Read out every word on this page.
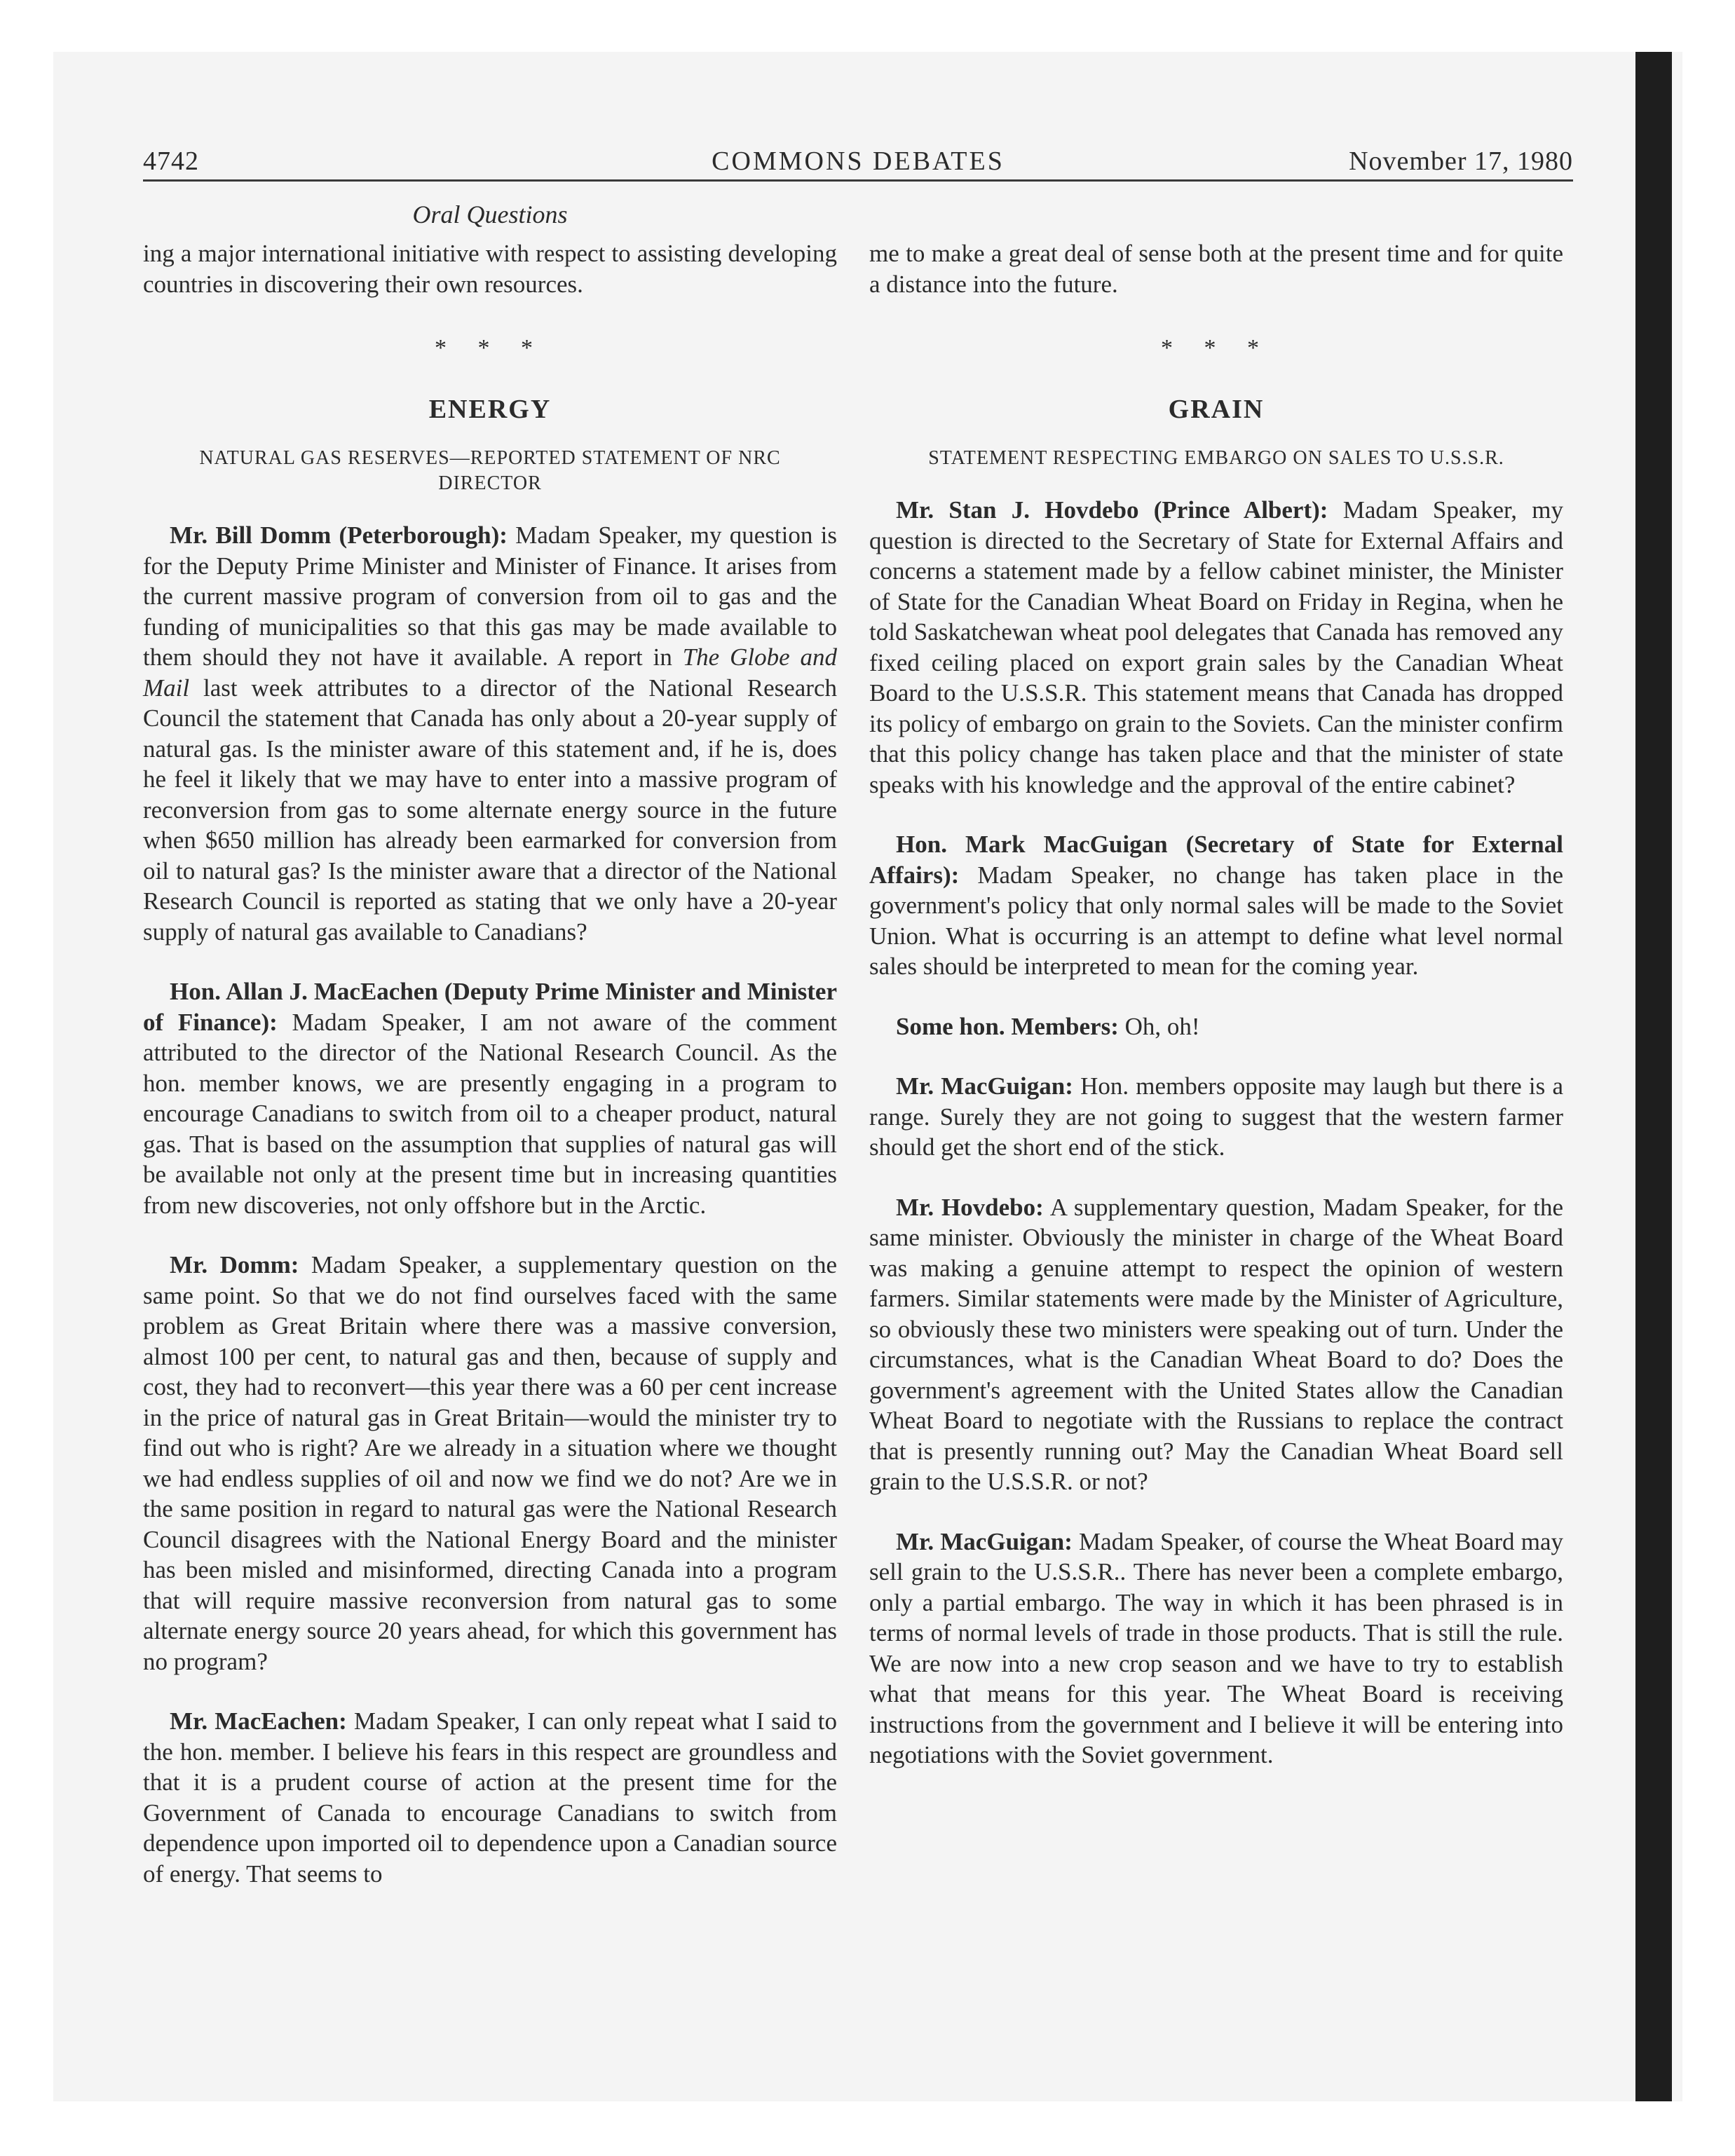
4742	COMMONS DEBATES	November 17, 1980
Oral Questions

ing a major international initiative with respect to assisting developing countries in discovering their own resources.

* * *
ENERGY
NATURAL GAS RESERVES—REPORTED STATEMENT OF NRC DIRECTOR

Mr. Bill Domm (Peterborough): Madam Speaker, my question is for the Deputy Prime Minister and Minister of Finance. It arises from the current massive program of conversion from oil to gas and the funding of municipalities so that this gas may be made available to them should they not have it available. A report in The Globe and Mail last week attributes to a director of the National Research Council the statement that Canada has only about a 20-year supply of natural gas. Is the minister aware of this statement and, if he is, does he feel it likely that we may have to enter into a massive program of reconversion from gas to some alternate energy source in the future when $650 million has already been earmarked for conversion from oil to natural gas? Is the minister aware that a director of the National Research Council is reported as stating that we only have a 20-year supply of natural gas available to Canadians?

Hon. Allan J. MacEachen (Deputy Prime Minister and Minister of Finance): Madam Speaker, I am not aware of the comment attributed to the director of the National Research Council. As the hon. member knows, we are presently engaging in a program to encourage Canadians to switch from oil to a cheaper product, natural gas. That is based on the assumption that supplies of natural gas will be available not only at the present time but in increasing quantities from new discoveries, not only offshore but in the Arctic.

Mr. Domm: Madam Speaker, a supplementary question on the same point. So that we do not find ourselves faced with the same problem as Great Britain where there was a massive conversion, almost 100 per cent, to natural gas and then, because of supply and cost, they had to reconvert—this year there was a 60 per cent increase in the price of natural gas in Great Britain—would the minister try to find out who is right? Are we already in a situation where we thought we had endless supplies of oil and now we find we do not? Are we in the same position in regard to natural gas were the National Research Council disagrees with the National Energy Board and the minister has been misled and misinformed, directing Canada into a program that will require massive reconversion from natural gas to some alternate energy source 20 years ahead, for which this government has no program?

Mr. MacEachen: Madam Speaker, I can only repeat what I said to the hon. member. I believe his fears in this respect are groundless and that it is a prudent course of action at the present time for the Government of Canada to encourage Canadians to switch from dependence upon imported oil to dependence upon a Canadian source of energy. That seems to

me to make a great deal of sense both at the present time and for quite a distance into the future.

* * *
GRAIN
STATEMENT RESPECTING EMBARGO ON SALES TO U.S.S.R.

Mr. Stan J. Hovdebo (Prince Albert): Madam Speaker, my question is directed to the Secretary of State for External Affairs and concerns a statement made by a fellow cabinet minister, the Minister of State for the Canadian Wheat Board on Friday in Regina, when he told Saskatchewan wheat pool delegates that Canada has removed any fixed ceiling placed on export grain sales by the Canadian Wheat Board to the U.S.S.R. This statement means that Canada has dropped its policy of embargo on grain to the Soviets. Can the minister confirm that this policy change has taken place and that the minister of state speaks with his knowledge and the approval of the entire cabinet?

Hon. Mark MacGuigan (Secretary of State for External Affairs): Madam Speaker, no change has taken place in the government's policy that only normal sales will be made to the Soviet Union. What is occurring is an attempt to define what level normal sales should be interpreted to mean for the coming year.

Some hon. Members: Oh, oh!

Mr. MacGuigan: Hon. members opposite may laugh but there is a range. Surely they are not going to suggest that the western farmer should get the short end of the stick.

Mr. Hovdebo: A supplementary question, Madam Speaker, for the same minister. Obviously the minister in charge of the Wheat Board was making a genuine attempt to respect the opinion of western farmers. Similar statements were made by the Minister of Agriculture, so obviously these two ministers were speaking out of turn. Under the circumstances, what is the Canadian Wheat Board to do? Does the government's agreement with the United States allow the Canadian Wheat Board to negotiate with the Russians to replace the contract that is presently running out? May the Canadian Wheat Board sell grain to the U.S.S.R. or not?

Mr. MacGuigan: Madam Speaker, of course the Wheat Board may sell grain to the U.S.S.R.. There has never been a complete embargo, only a partial embargo. The way in which it has been phrased is in terms of normal levels of trade in those products. That is still the rule. We are now into a new crop season and we have to try to establish what that means for this year. The Wheat Board is receiving instructions from the government and I believe it will be entering into negotiations with the Soviet government.
